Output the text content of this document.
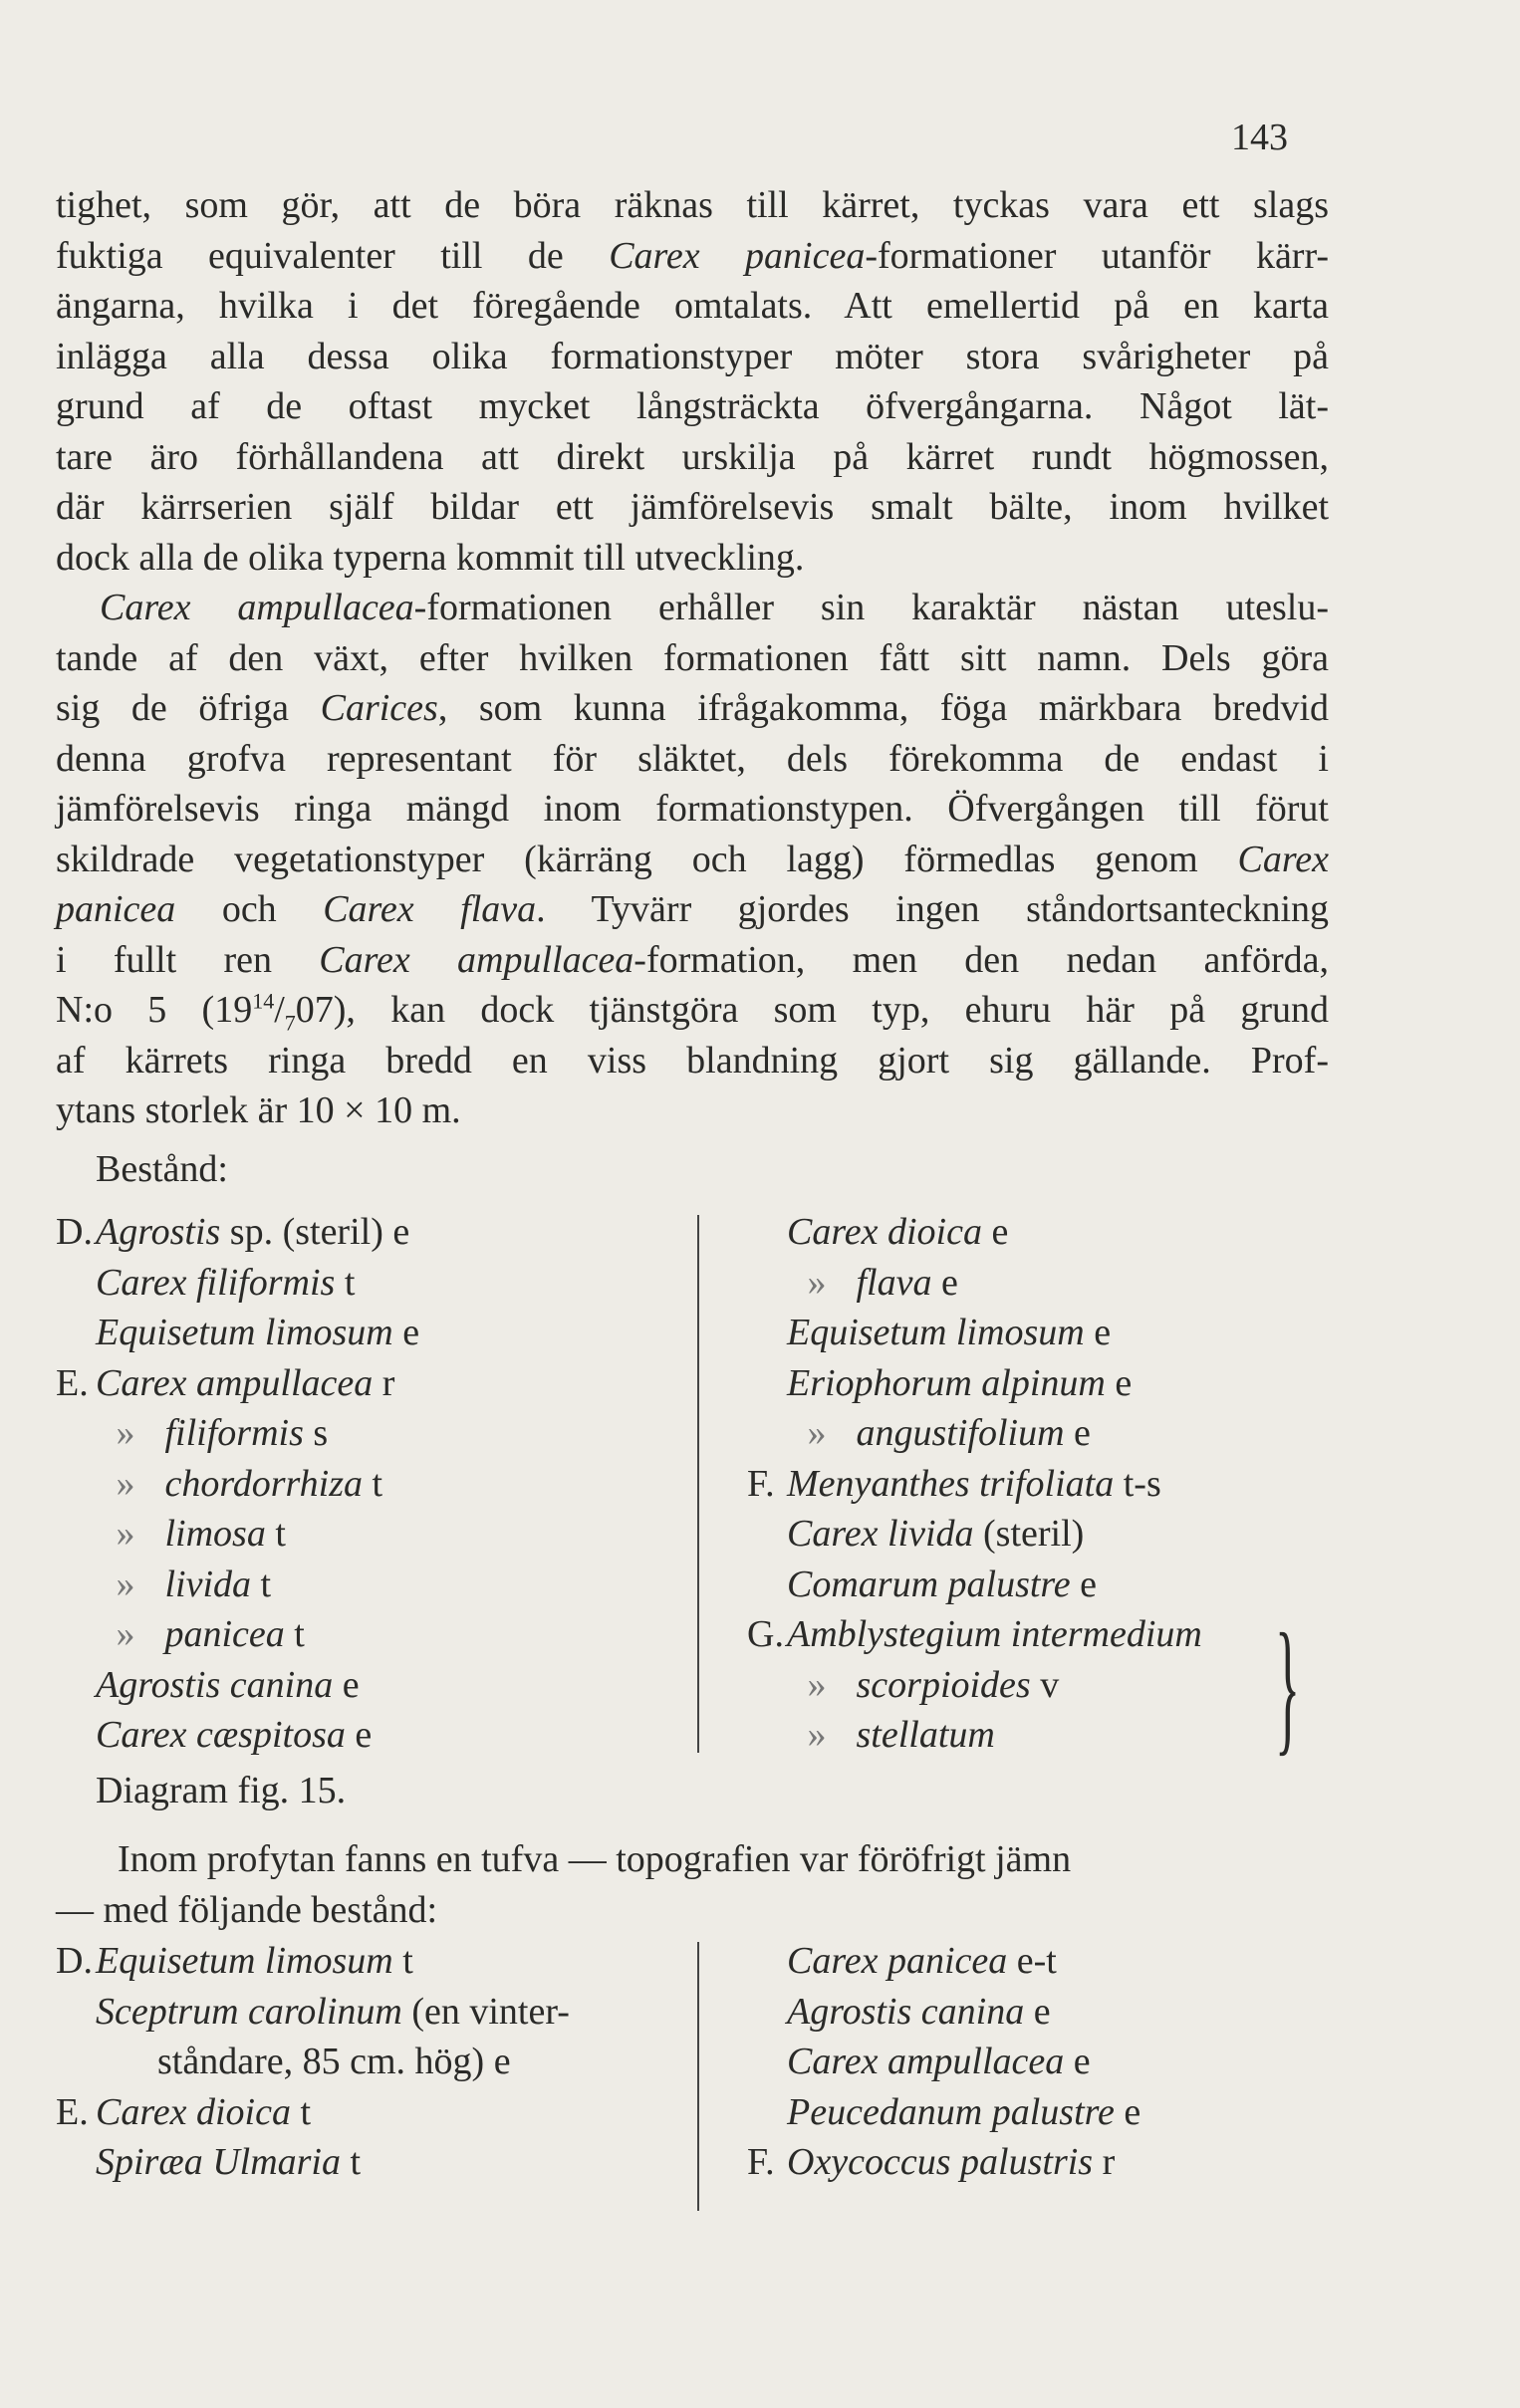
143
tighet, som gör, att de böra räknas till kärret, tyckas vara ett slags
fuktiga equivalenter till de Carex panicea-formationer utanför kärr-
ängarna, hvilka i det föregående omtalats. Att emellertid på en karta
inlägga alla dessa olika formationstyper möter stora svårigheter på
grund af de oftast mycket långsträckta öfvergångarna. Något lät-
tare äro förhållandena att direkt urskilja på kärret rundt högmossen,
där kärrserien själf bildar ett jämförelsevis smalt bälte, inom hvilket
dock alla de olika typerna kommit till utveckling.
Carex ampullacea-formationen erhåller sin karaktär nästan uteslu-
tande af den växt, efter hvilken formationen fått sitt namn. Dels göra
sig de öfriga Carices, som kunna ifrågakomma, föga märkbara bredvid
denna grofva representant för släktet, dels förekomma de endast i
jämförelsevis ringa mängd inom formationstypen. Öfvergången till förut
skildrade vegetationstyper (kärräng och lagg) förmedlas genom Carex
panicea och Carex flava. Tyvärr gjordes ingen ståndortsanteckning
i fullt ren Carex ampullacea-formation, men den nedan anförda,
N:o 5 $(19^{14}/_707)$, kan dock tjänstgöra som typ, ehuru här på grund
af kärrets ringa bredd en viss blandning gjort sig gällande. Prof-
ytans storlek är 10 × 10 m.
Bestånd:
D. Agrostis sp. (steril) e
Carex filiformis t
Equisetum limosum e
E. Carex ampullacea r
» filiformis s
» chordorrhiza t
» limosa t
» livida t
» panicea t
Agrostis canina e
Carex cæspitosa e
Carex dioica e
» flava e
Equisetum limosum e
Eriophorum alpinum e
» angustifolium e
F. Menyanthes trifoliata t-s
Carex livida (steril)
Comarum palustre e
G. Amblystegium intermedium
» scorpioides v
» stellatum	}
Diagram fig. 15.
Inom profytan fanns en tufva — topografien var föröfrigt jämn
— med följande bestånd:
D. Equisetum limosum t
Sceptrum carolinum (en vinter-
ståndare, 85 cm. hög) e
E. Carex dioica t
Spiræa Ulmaria t
Carex panicea e-t
Agrostis canina e
Carex ampullacea e
Peucedanum palustre e
F. Oxycoccus palustris r
